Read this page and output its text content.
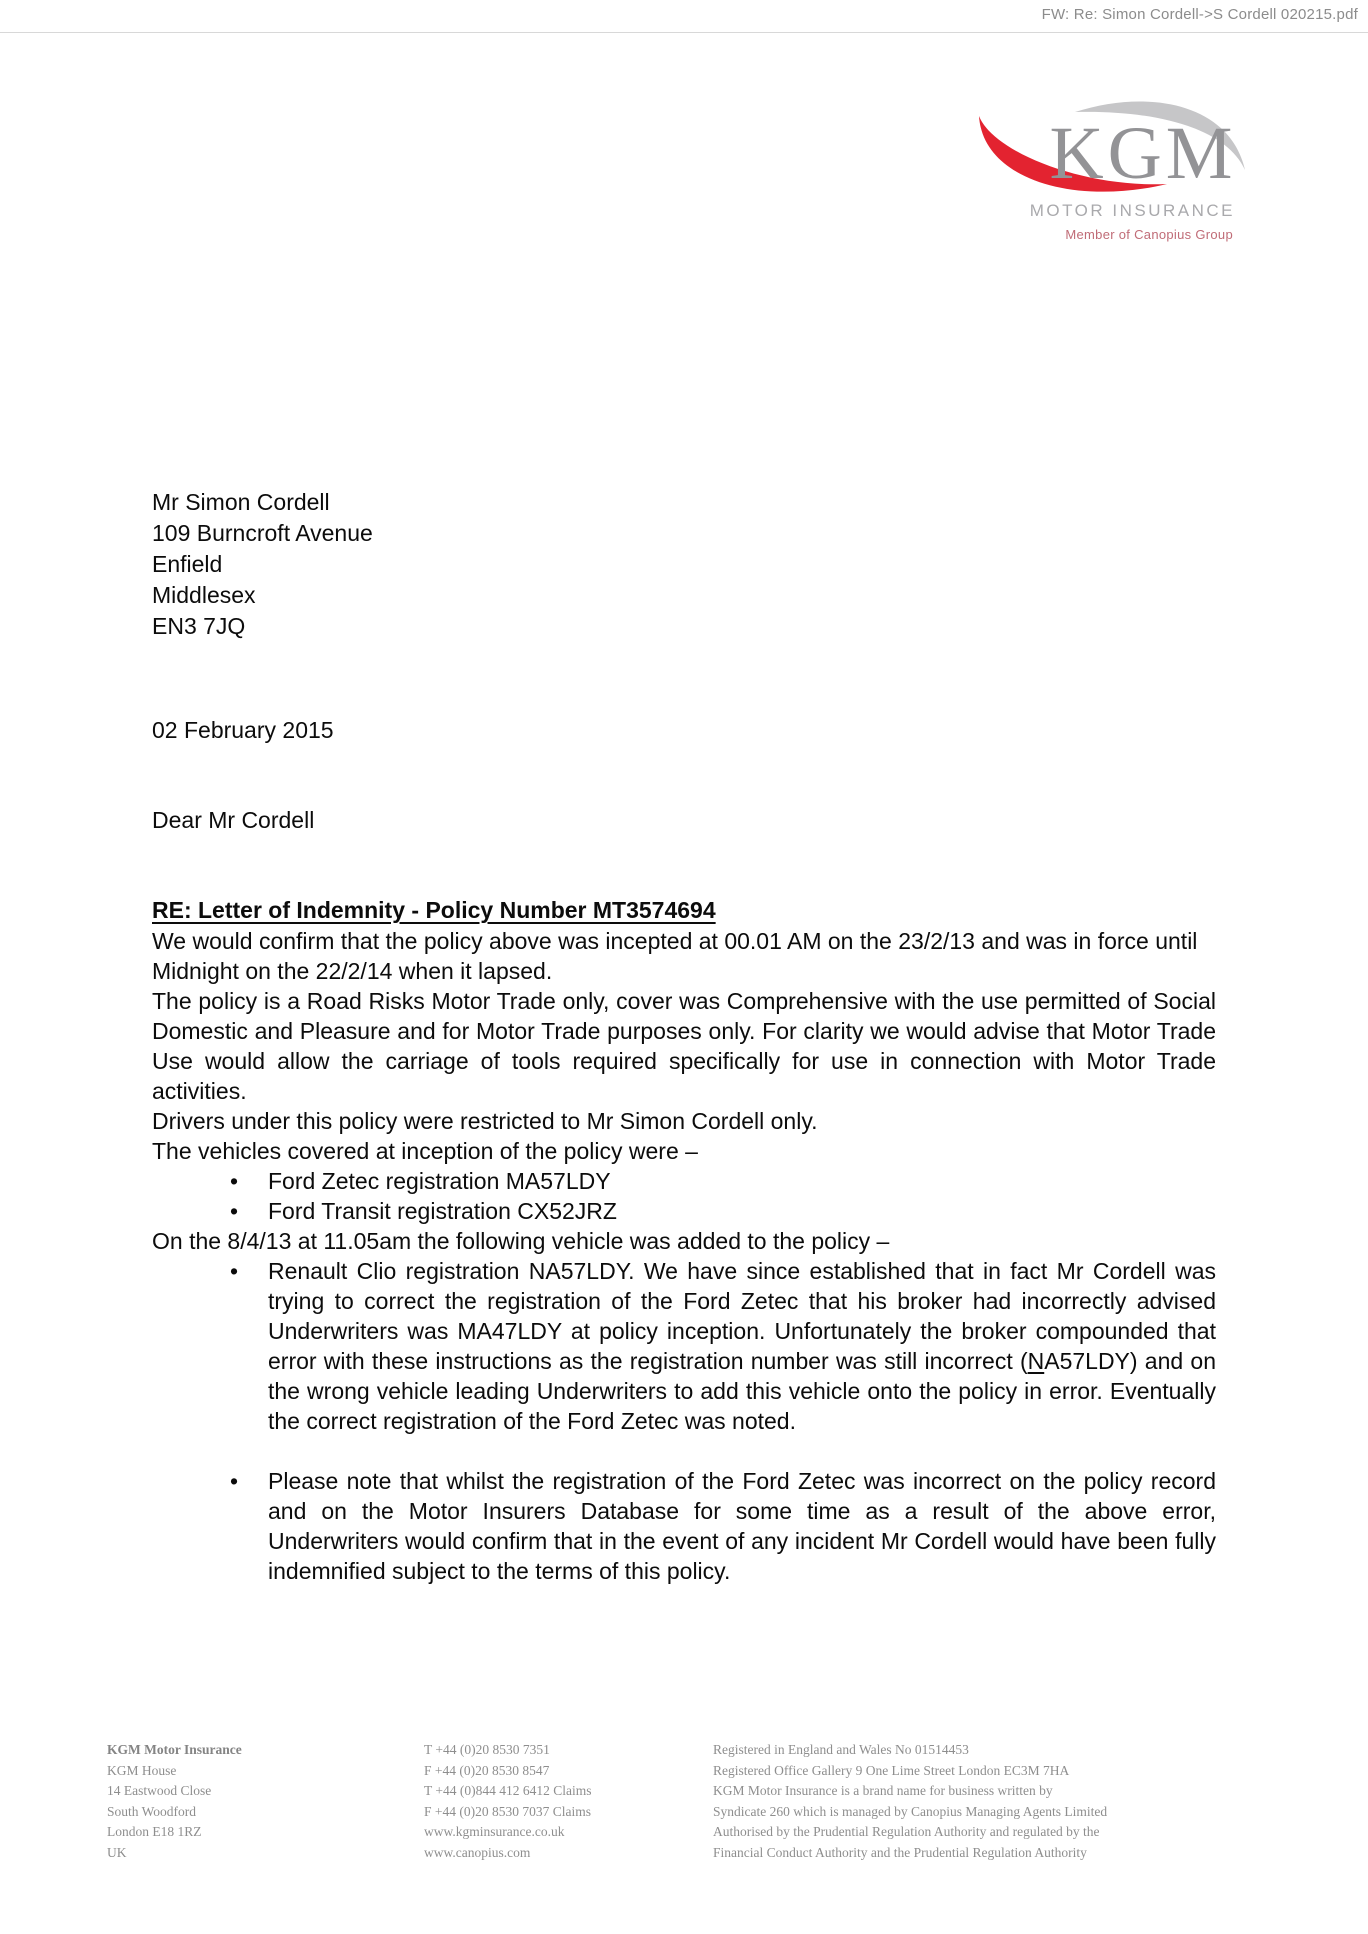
FW: Re: Simon Cordell->S Cordell 020215.pdf
KGM
MOTOR INSURANCE
Member of Canopius Group
Mr Simon Cordell
109 Burncroft Avenue
Enfield
Middlesex
EN3 7JQ
02 February 2015
Dear Mr Cordell
RE: Letter of Indemnity - Policy Number MT3574694

We would confirm that the policy above was incepted at 00.01 AM on the 23/2/13 and was in force until Midnight on the 22/2/14 when it lapsed.

The policy is a Road Risks Motor Trade only, cover was Comprehensive with the use permitted of Social Domestic and Pleasure and for Motor Trade purposes only. For clarity we would advise that Motor Trade Use would allow the carriage of tools required specifically for use in connection with Motor Trade activities.

Drivers under this policy were restricted to Mr Simon Cordell only.

The vehicles covered at inception of the policy were –

• Ford Zetec registration MA57LDY
• Ford Transit registration CX52JRZ

On the 8/4/13 at 11.05am the following vehicle was added to the policy –

• Renault Clio registration NA57LDY. We have since established that in fact Mr Cordell was trying to correct the registration of the Ford Zetec that his broker had incorrectly advised Underwriters was MA47LDY at policy inception. Unfortunately the broker compounded that error with these instructions as the registration number was still incorrect (NA57LDY) and on the wrong vehicle leading Underwriters to add this vehicle onto the policy in error. Eventually the correct registration of the Ford Zetec was noted.
• Please note that whilst the registration of the Ford Zetec was incorrect on the policy record and on the Motor Insurers Database for some time as a result of the above error, Underwriters would confirm that in the event of any incident Mr Cordell would have been fully indemnified subject to the terms of this policy.
KGM Motor Insurance
KGM House
14 Eastwood Close
South Woodford
London E18 1RZ
UK
T +44 (0)20 8530 7351
F +44 (0)20 8530 8547
T +44 (0)844 412 6412 Claims
F +44 (0)20 8530 7037 Claims
www.kgminsurance.co.uk
www.canopius.com
Registered in England and Wales No 01514453
Registered Office Gallery 9 One Lime Street London EC3M 7HA
KGM Motor Insurance is a brand name for business written by
Syndicate 260 which is managed by Canopius Managing Agents Limited
Authorised by the Prudential Regulation Authority and regulated by the
Financial Conduct Authority and the Prudential Regulation Authority
